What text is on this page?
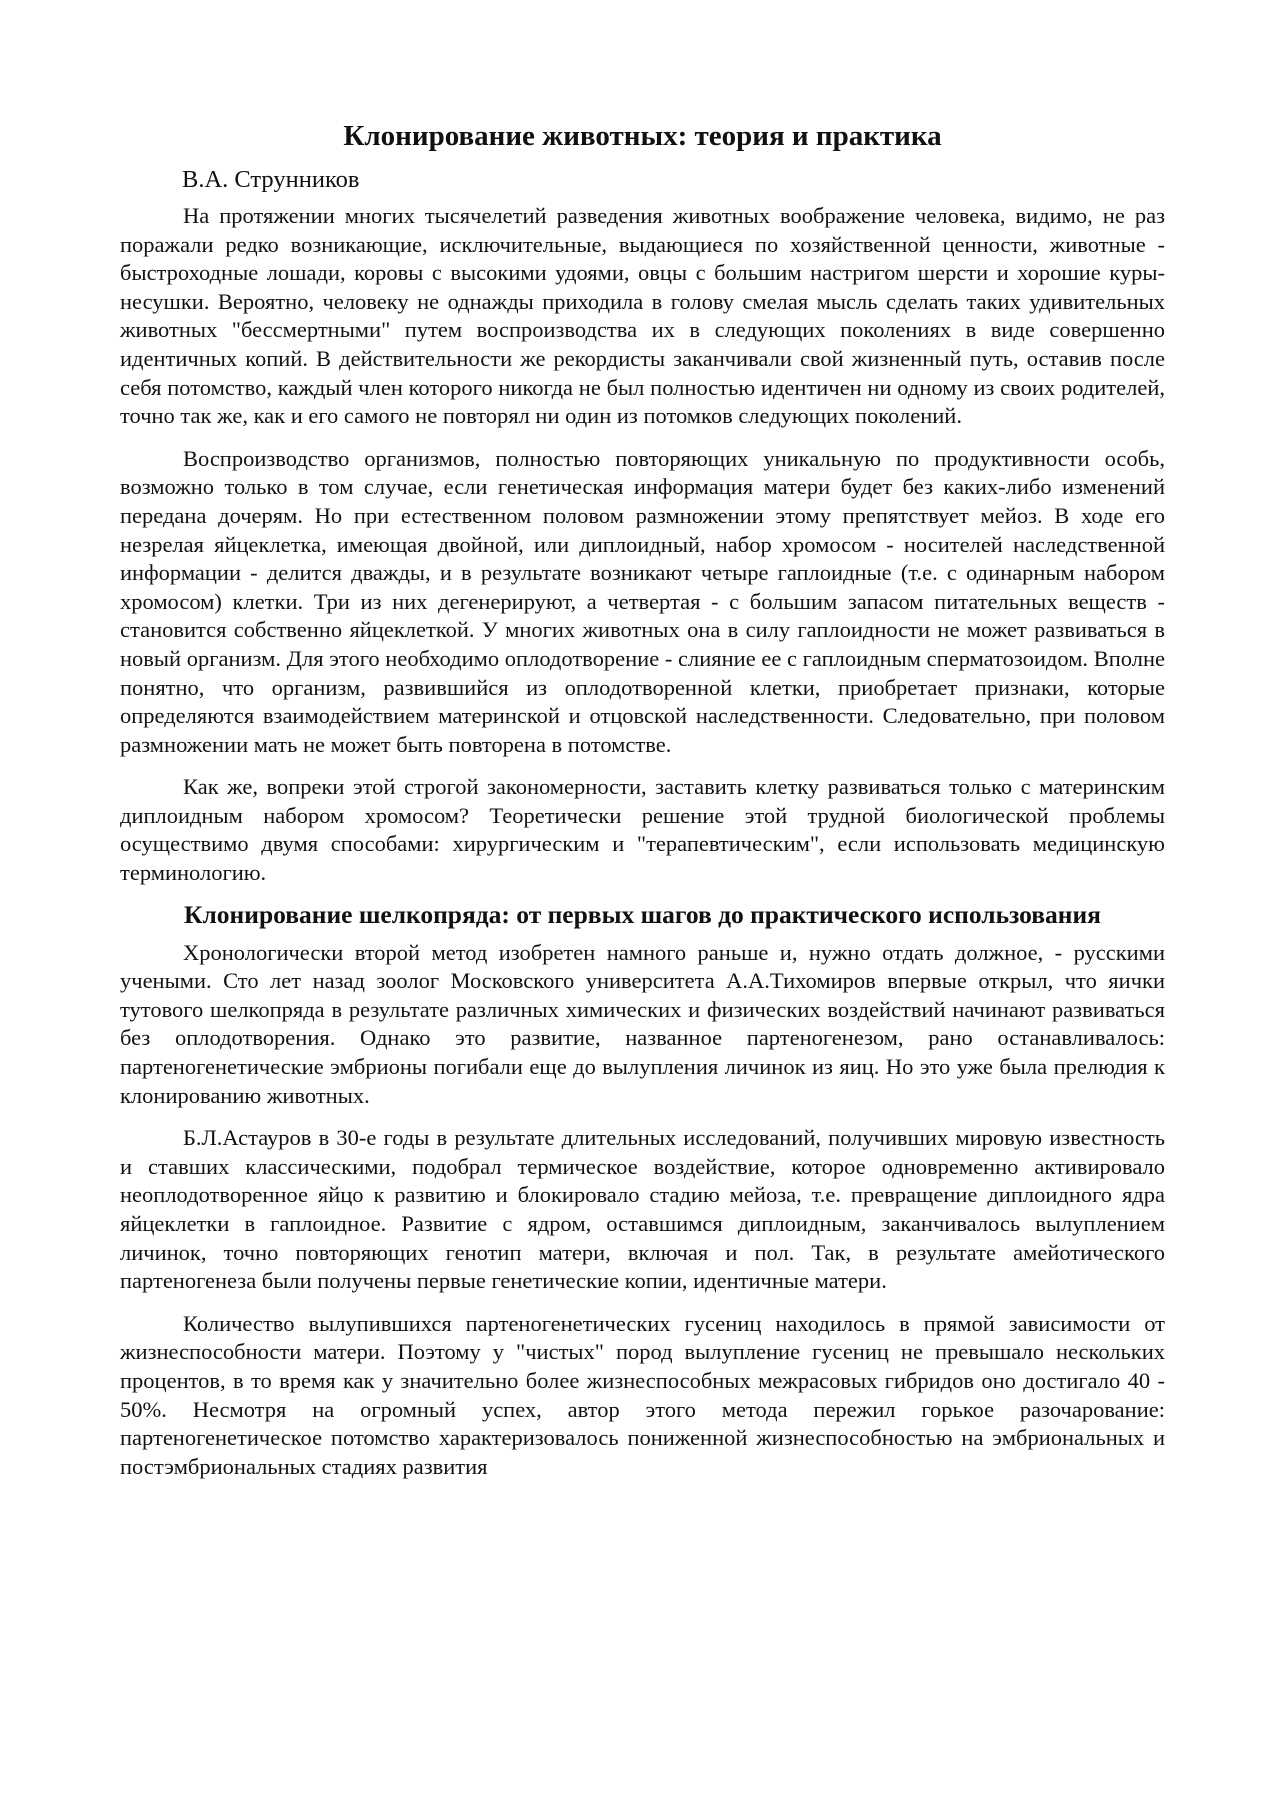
Клонирование животных: теория и практика
В.А. Струнников

На протяжении многих тысячелетий разведения животных воображение человека, видимо, не раз поражали редко возникающие, исключительные, выдающиеся по хозяйственной ценности, животные - быстроходные лошади, коровы с высокими удоями, овцы с большим настригом шерсти и хорошие куры-несушки. Вероятно, человеку не однажды приходила в голову смелая мысль сделать таких удивительных животных "бессмертными" путем воспроизводства их в следующих поколениях в виде совершенно идентичных копий. В действительности же рекордисты заканчивали свой жизненный путь, оставив после себя потомство, каждый член которого никогда не был полностью идентичен ни одному из своих родителей, точно так же, как и его самого не повторял ни один из потомков следующих поколений.

Воспроизводство организмов, полностью повторяющих уникальную по продуктивности особь, возможно только в том случае, если генетическая информация матери будет без каких-либо изменений передана дочерям. Но при естественном половом размножении этому препятствует мейоз. В ходе его незрелая яйцеклетка, имеющая двойной, или диплоидный, набор хромосом - носителей наследственной информации - делится дважды, и в результате возникают четыре гаплоидные (т.е. с одинарным набором хромосом) клетки. Три из них дегенерируют, а четвертая - с большим запасом питательных веществ - становится собственно яйцеклеткой. У многих животных она в силу гаплоидности не может развиваться в новый организм. Для этого необходимо оплодотворение - слияние ее с гаплоидным сперматозоидом. Вполне понятно, что организм, развившийся из оплодотворенной клетки, приобретает признаки, которые определяются взаимодействием материнской и отцовской наследственности. Следовательно, при половом размножении мать не может быть повторена в потомстве.

Как же, вопреки этой строгой закономерности, заставить клетку развиваться только с материнским диплоидным набором хромосом? Теоретически решение этой трудной биологической проблемы осуществимо двумя способами: хирургическим и "терапевтическим", если использовать медицинскую терминологию.

Клонирование шелкопряда: от первых шагов до практического использования

Хронологически второй метод изобретен намного раньше и, нужно отдать должное, - русскими учеными. Сто лет назад зоолог Московского университета А.А.Тихомиров впервые открыл, что яички тутового шелкопряда в результате различных химических и физических воздействий начинают развиваться без оплодотворения. Однако это развитие, названное партеногенезом, рано останавливалось: партеногенетические эмбрионы погибали еще до вылупления личинок из яиц. Но это уже была прелюдия к клонированию животных.

Б.Л.Астауров в 30-е годы в результате длительных исследований, получивших мировую известность и ставших классическими, подобрал термическое воздействие, которое одновременно активировало неоплодотворенное яйцо к развитию и блокировало стадию мейоза, т.е. превращение диплоидного ядра яйцеклетки в гаплоидное. Развитие с ядром, оставшимся диплоидным, заканчивалось вылуплением личинок, точно повторяющих генотип матери, включая и пол. Так, в результате амейотического партеногенеза были получены первые генетические копии, идентичные матери.

Количество вылупившихся партеногенетических гусениц находилось в прямой зависимости от жизнеспособности матери. Поэтому у "чистых" пород вылупление гусениц не превышало нескольких процентов, в то время как у значительно более жизнеспособных межрасовых гибридов оно достигало 40 - 50%. Несмотря на огромный успех, автор этого метода пережил горькое разочарование: партеногенетическое потомство характеризовалось пониженной жизнеспособностью на эмбриональных и постэмбриональных стадиях развития
